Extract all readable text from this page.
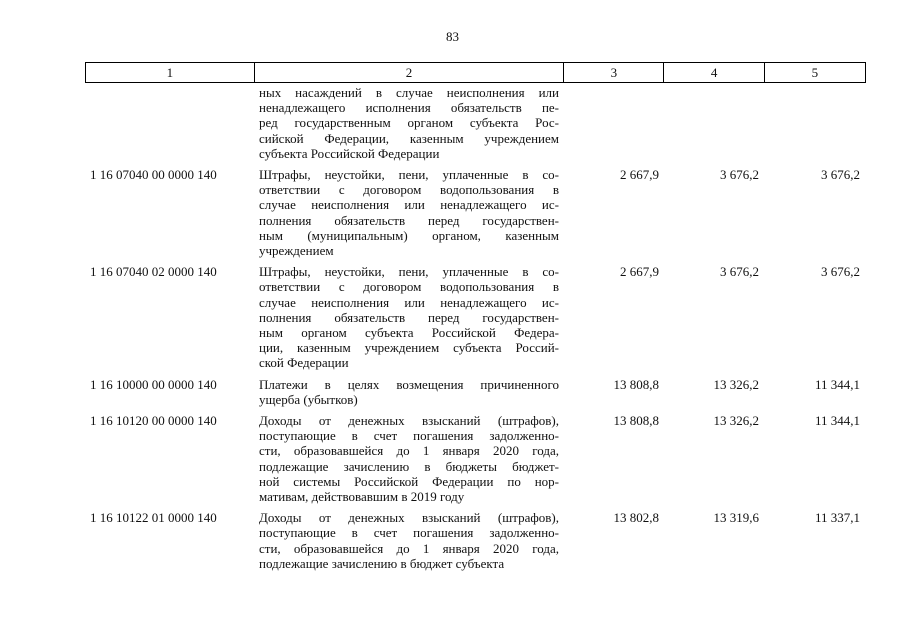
83
1	2	3	4	5
ных насаждений в случае неисполнения или
ненадлежащего исполнения обязательств пе-
ред государственным органом субъекта Рос-
сийской Федерации, казенным учреждением
субъекта Российской Федерации
1 16 07040 00 0000 140	Штрафы, неустойки, пени, уплаченные в со-
ответствии с договором водопользования в
случае неисполнения или ненадлежащего ис-
полнения обязательств перед государствен-
ным (муниципальным) органом, казенным
учреждением
2 667,9	3 676,2	3 676,2
1 16 07040 02 0000 140	Штрафы, неустойки, пени, уплаченные в со-
ответствии с договором водопользования в
случае неисполнения или ненадлежащего ис-
полнения обязательств перед государствен-
ным органом субъекта Российской Федера-
ции, казенным учреждением субъекта Россий-
ской Федерации
2 667,9	3 676,2	3 676,2
1 16 10000 00 0000 140	Платежи в целях возмещения причиненного
ущерба (убытков)
13 808,8	13 326,2	11 344,1
1 16 10120 00 0000 140	Доходы от денежных взысканий (штрафов),
поступающие в счет погашения задолженно-
сти, образовавшейся до 1 января 2020 года,
подлежащие зачислению в бюджеты бюджет-
ной системы Российской Федерации по нор-
мативам, действовавшим в 2019 году
13 808,8	13 326,2	11 344,1
1 16 10122 01 0000 140	Доходы от денежных взысканий (штрафов),
поступающие в счет погашения задолженно-
сти, образовавшейся до 1 января 2020 года,
подлежащие зачислению в бюджет субъекта
13 802,8	13 319,6	11 337,1
